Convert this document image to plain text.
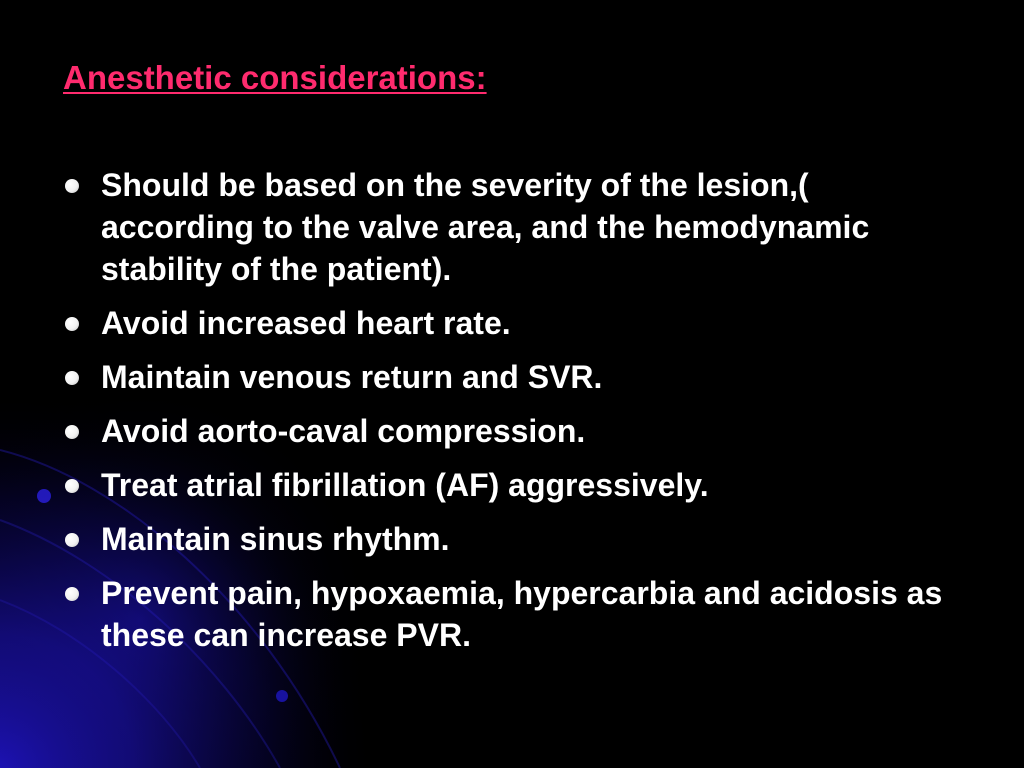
Anesthetic considerations:
Should be based on the severity of the lesion,( according to the valve area, and the hemodynamic stability of the patient).
Avoid increased heart rate.
Maintain venous return and SVR.
Avoid aorto-caval compression.
Treat atrial fibrillation (AF) aggressively.
Maintain sinus rhythm.
Prevent pain, hypoxaemia, hypercarbia and acidosis as these can increase PVR.
